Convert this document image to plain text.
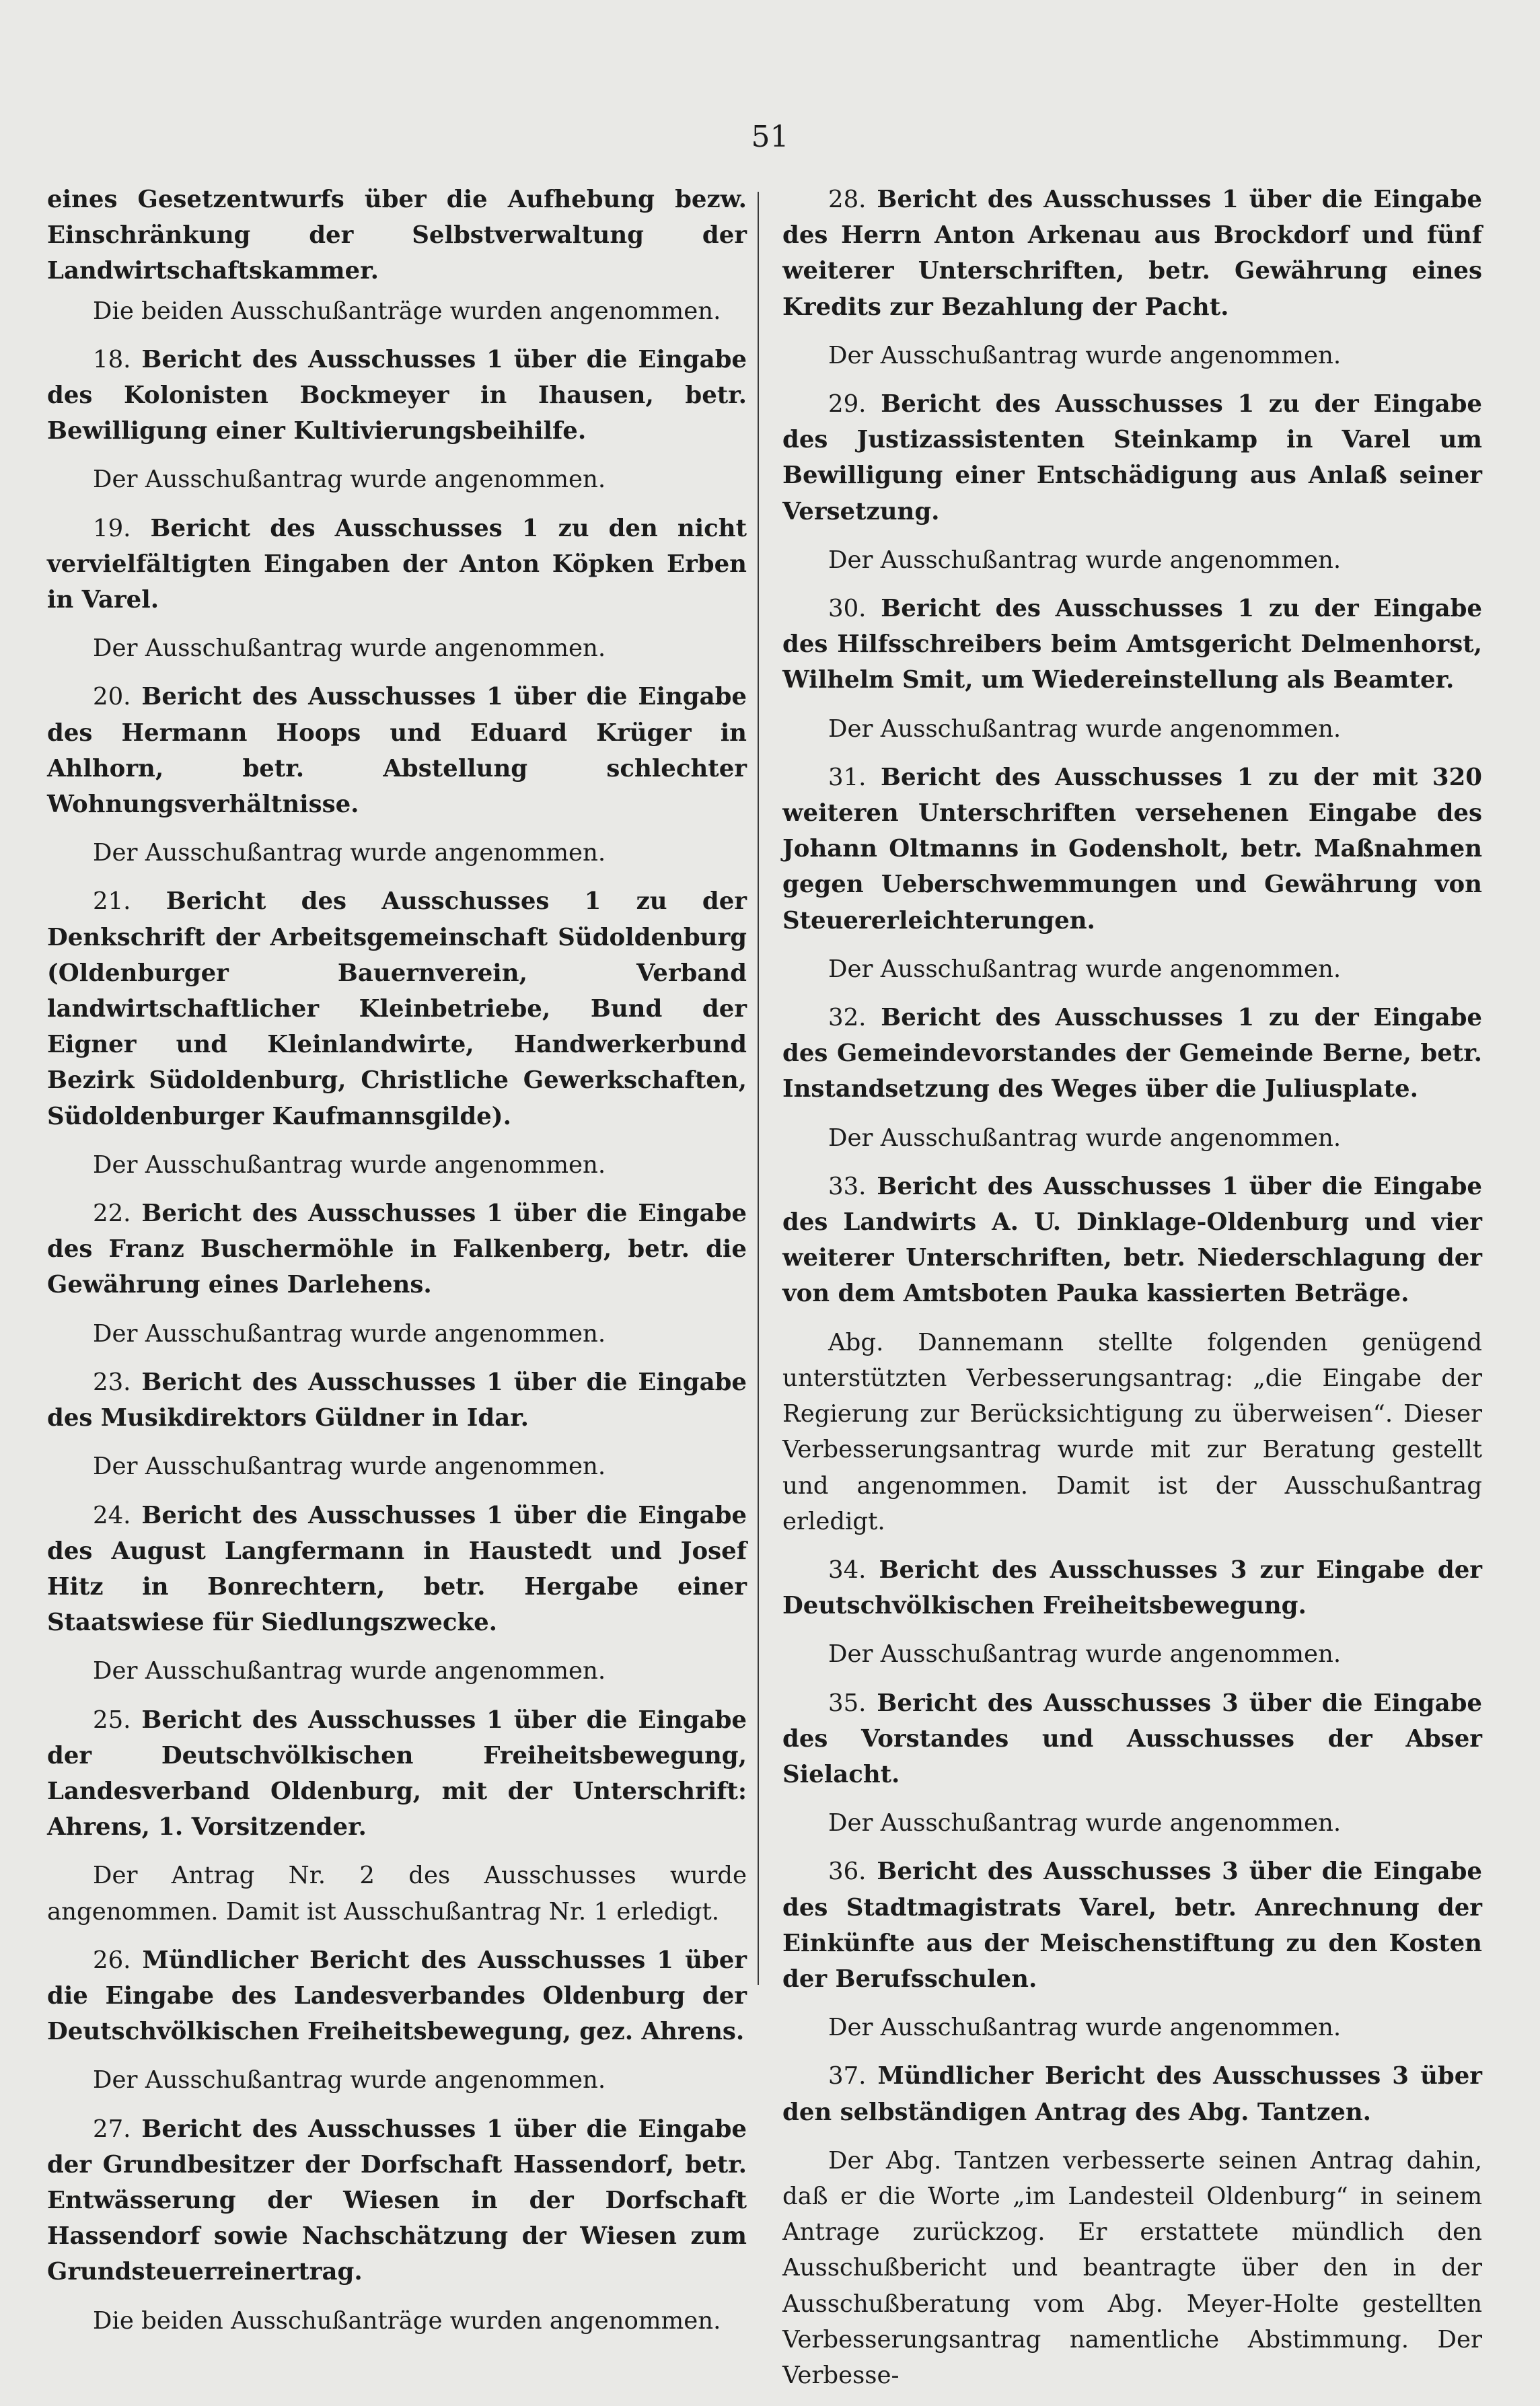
51

eines Gesetzentwurfs über die Aufhebung bezw. Einschränkung der Selbstverwaltung der Landwirtschaftskammer.

Die beiden Ausschußanträge wurden angenommen.

18. Bericht des Ausschusses 1 über die Eingabe des Kolonisten Bockmeyer in Ihausen, betr. Bewilligung einer Kultivierungsbeihilfe.

Der Ausschußantrag wurde angenommen.

19. Bericht des Ausschusses 1 zu den nicht vervielfältigten Eingaben der Anton Köpken Erben in Varel.

Der Ausschußantrag wurde angenommen.

20. Bericht des Ausschusses 1 über die Eingabe des Hermann Hoops und Eduard Krüger in Ahlhorn, betr. Abstellung schlechter Wohnungsverhältnisse.

Der Ausschußantrag wurde angenommen.

21. Bericht des Ausschusses 1 zu der Denkschrift der Arbeitsgemeinschaft Südoldenburg (Oldenburger Bauernverein, Verband landwirtschaftlicher Kleinbetriebe, Bund der Eigner und Kleinlandwirte, Handwerkerbund Bezirk Südoldenburg, Christliche Gewerkschaften, Südoldenburger Kaufmannsgilde).

Der Ausschußantrag wurde angenommen.

22. Bericht des Ausschusses 1 über die Eingabe des Franz Buschermöhle in Falkenberg, betr. die Gewährung eines Darlehens.

Der Ausschußantrag wurde angenommen.

23. Bericht des Ausschusses 1 über die Eingabe des Musikdirektors Güldner in Idar.

Der Ausschußantrag wurde angenommen.

24. Bericht des Ausschusses 1 über die Eingabe des August Langfermann in Haustedt und Josef Hitz in Bonrechtern, betr. Hergabe einer Staatswiese für Siedlungszwecke.

Der Ausschußantrag wurde angenommen.

25. Bericht des Ausschusses 1 über die Eingabe der Deutschvölkischen Freiheitsbewegung, Landesverband Oldenburg, mit der Unterschrift: Ahrens, 1. Vorsitzender.

Der Antrag Nr. 2 des Ausschusses wurde angenommen. Damit ist Ausschußantrag Nr. 1 erledigt.

26. Mündlicher Bericht des Ausschusses 1 über die Eingabe des Landesverbandes Oldenburg der Deutschvölkischen Freiheitsbewegung, gez. Ahrens.

Der Ausschußantrag wurde angenommen.

27. Bericht des Ausschusses 1 über die Eingabe der Grundbesitzer der Dorfschaft Hassendorf, betr. Entwässerung der Wiesen in der Dorfschaft Hassendorf sowie Nachschätzung der Wiesen zum Grundsteuerreinertrag.

Die beiden Ausschußanträge wurden angenommen.

28. Bericht des Ausschusses 1 über die Eingabe des Herrn Anton Arkenau aus Brockdorf und fünf weiterer Unterschriften, betr. Gewährung eines Kredits zur Bezahlung der Pacht.

Der Ausschußantrag wurde angenommen.

29. Bericht des Ausschusses 1 zu der Eingabe des Justizassistenten Steinkamp in Varel um Bewilligung einer Entschädigung aus Anlaß seiner Versetzung.

Der Ausschußantrag wurde angenommen.

30. Bericht des Ausschusses 1 zu der Eingabe des Hilfsschreibers beim Amtsgericht Delmenhorst, Wilhelm Smit, um Wiedereinstellung als Beamter.

Der Ausschußantrag wurde angenommen.

31. Bericht des Ausschusses 1 zu der mit 320 weiteren Unterschriften versehenen Eingabe des Johann Oltmanns in Godensholt, betr. Maßnahmen gegen Ueberschwemmungen und Gewährung von Steuererleichterungen.

Der Ausschußantrag wurde angenommen.

32. Bericht des Ausschusses 1 zu der Eingabe des Gemeindevorstandes der Gemeinde Berne, betr. Instandsetzung des Weges über die Juliusplate.

Der Ausschußantrag wurde angenommen.

33. Bericht des Ausschusses 1 über die Eingabe des Landwirts A. U. Dinklage-Oldenburg und vier weiterer Unterschriften, betr. Niederschlagung der von dem Amtsboten Pauka kassierten Beträge.

Abg. Dannemann stellte folgenden genügend unterstützten Verbesserungsantrag: „die Eingabe der Regierung zur Berücksichtigung zu überweisen“. Dieser Verbesserungsantrag wurde mit zur Beratung gestellt und angenommen. Damit ist der Ausschußantrag erledigt.

34. Bericht des Ausschusses 3 zur Eingabe der Deutschvölkischen Freiheitsbewegung.

Der Ausschußantrag wurde angenommen.

35. Bericht des Ausschusses 3 über die Eingabe des Vorstandes und Ausschusses der Abser Sielacht.

Der Ausschußantrag wurde angenommen.

36. Bericht des Ausschusses 3 über die Eingabe des Stadtmagistrats Varel, betr. Anrechnung der Einkünfte aus der Meischenstiftung zu den Kosten der Berufsschulen.

Der Ausschußantrag wurde angenommen.

37. Mündlicher Bericht des Ausschusses 3 über den selbständigen Antrag des Abg. Tantzen.

Der Abg. Tantzen verbesserte seinen Antrag dahin, daß er die Worte „im Landesteil Oldenburg“ in seinem Antrage zurückzog. Er erstattete mündlich den Ausschußbericht und beantragte über den in der Ausschußberatung vom Abg. Meyer-Holte gestellten Verbesserungsantrag namentliche Abstimmung. Der Verbesse-
